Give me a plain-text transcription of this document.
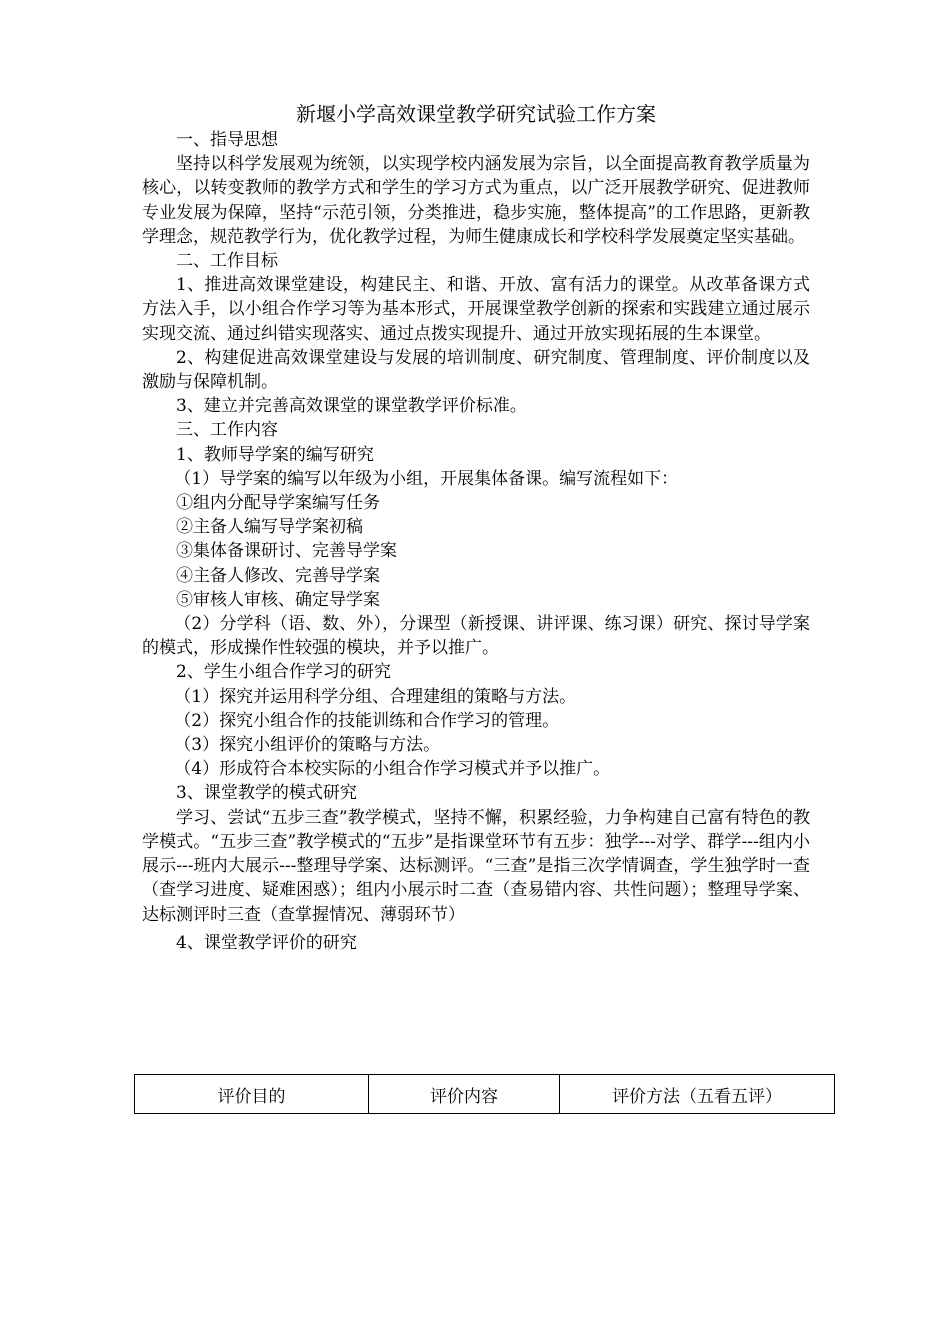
新堰小学高效课堂教学研究试验工作方案

一、指导思想

坚持以科学发展观为统领，以实现学校内涵发展为宗旨，以全面提高教育教学质量为核心，以转变教师的教学方式和学生的学习方式为重点，以广泛开展教学研究、促进教师专业发展为保障，坚持“示范引领，分类推进，稳步实施，整体提高”的工作思路，更新教学理念，规范教学行为，优化教学过程，为师生健康成长和学校科学发展奠定坚实基础。

二、工作目标

1、推进高效课堂建设，构建民主、和谐、开放、富有活力的课堂。从改革备课方式方法入手，以小组合作学习等为基本形式，开展课堂教学创新的探索和实践建立通过展示实现交流、通过纠错实现落实、通过点拨实现提升、通过开放实现拓展的生本课堂。

2、构建促进高效课堂建设与发展的培训制度、研究制度、管理制度、评价制度以及激励与保障机制。

3、建立并完善高效课堂的课堂教学评价标准。

三、工作内容

1、教师导学案的编写研究

（1）导学案的编写以年级为小组，开展集体备课。编写流程如下：

①组内分配导学案编写任务

②主备人编写导学案初稿

③集体备课研讨、完善导学案

④主备人修改、完善导学案

⑤审核人审核、确定导学案

（2）分学科（语、数、外），分课型（新授课、讲评课、练习课）研究、探讨导学案的模式，形成操作性较强的模块，并予以推广。

2、学生小组合作学习的研究

（1）探究并运用科学分组、合理建组的策略与方法。

（2）探究小组合作的技能训练和合作学习的管理。

（3）探究小组评价的策略与方法。

（4）形成符合本校实际的小组合作学习模式并予以推广。

3、课堂教学的模式研究

学习、尝试“五步三查”教学模式，坚持不懈，积累经验，力争构建自己富有特色的教学模式。“五步三查”教学模式的“五步”是指课堂环节有五步：独学---对学、群学---组内小展示---班内大展示---整理导学案、达标测评。“三查”是指三次学情调查，学生独学时一查（查学习进度、疑难困惑）；组内小展示时二查（查易错内容、共性问题）；整理导学案、达标测评时三查（查掌握情况、薄弱环节）

4、课堂教学评价的研究

评价目的	评价内容	评价方法（五看五评）
